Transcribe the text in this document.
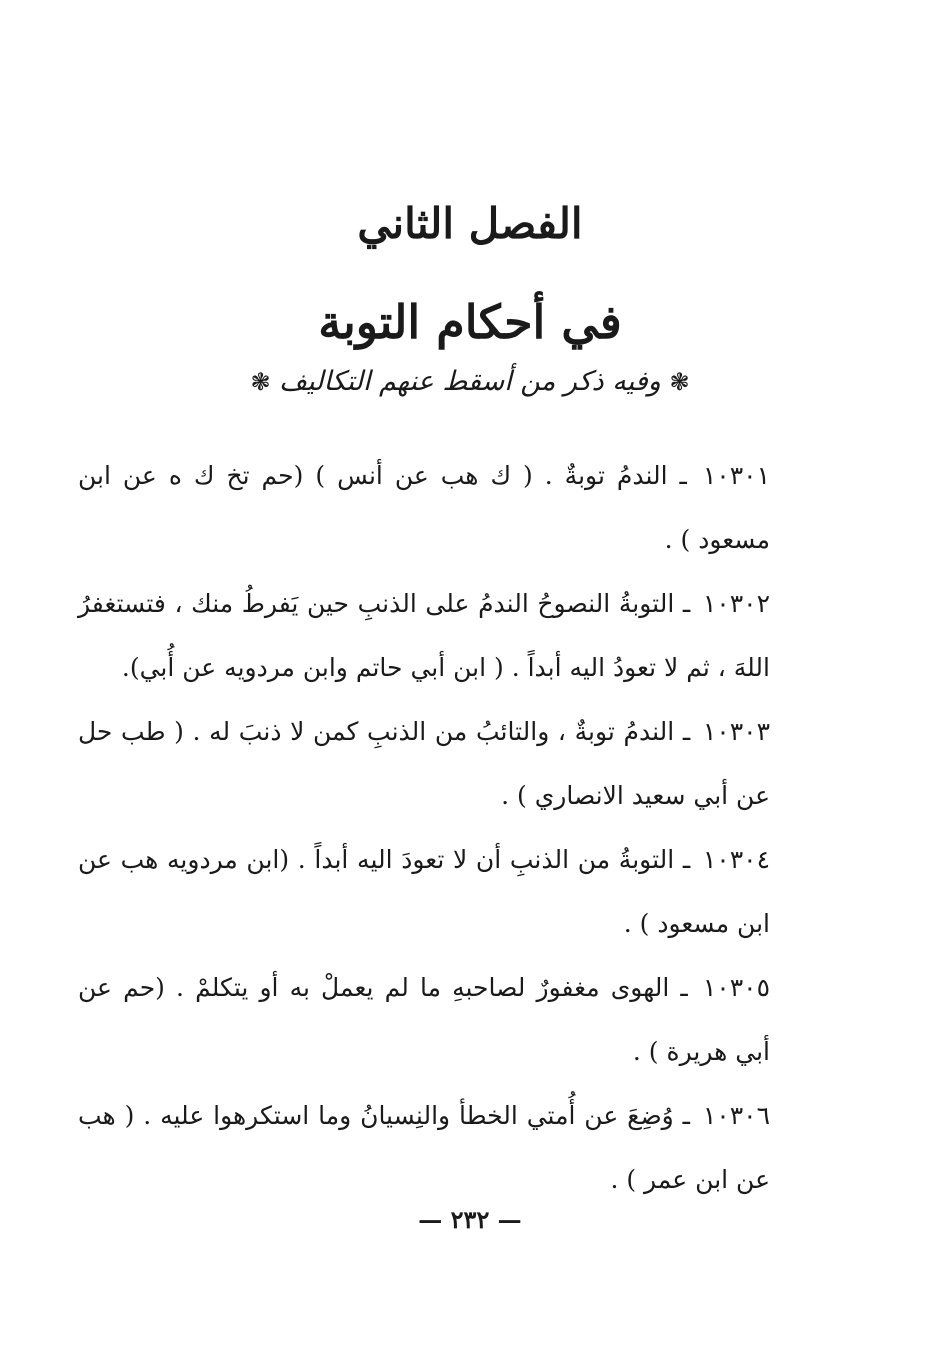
الفصل الثاني
في أحكام التوبة
❃ وفيه ذكر من أسقط عنهم التكاليف ❃
١٠٣٠١ ـ الندمُ توبةٌ . ( ك هب عن أنس ) (حم تخ ك ه عن ابن مسعود ) .
١٠٣٠٢ ـ التوبةُ النصوحُ الندمُ على الذنبِ حين يَفرطُ منك ، فتستغفرُ اللهَ ، ثم لا تعودُ اليه أبداً . ( ابن أبي حاتم وابن مردويه عن أُبي).
١٠٣٠٣ ـ الندمُ توبةٌ ، والتائبُ من الذنبِ كمن لا ذنبَ له . ( طب حل عن أبي سعيد الانصاري ) .
١٠٣٠٤ ـ التوبةُ من الذنبِ أن لا تعودَ اليه أبداً . (ابن مردويه هب عن ابن مسعود ) .
١٠٣٠٥ ـ الهوى مغفورٌ لصاحبهِ ما لم يعملْ به أو يتكلمْ . (حم عن أبي هريرة ) .
١٠٣٠٦ ـ وُضِعَ عن أُمتي الخطأ والنِسيانُ وما استكرهوا عليه . ( هب عن ابن عمر ) .
— ٢٣٢ —
